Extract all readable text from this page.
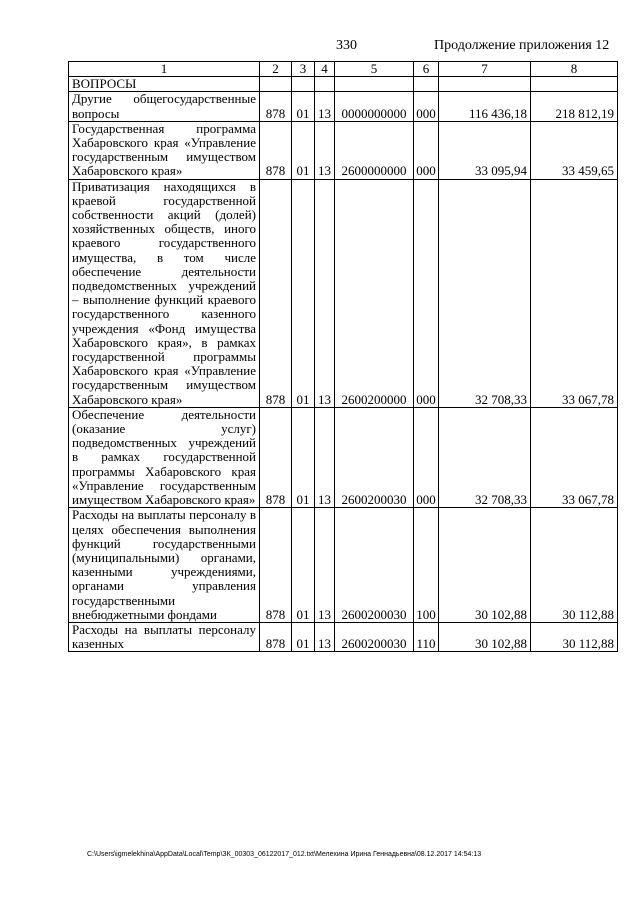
330	Продолжение приложения 12
1	2	3	4	5	6	7	8
ВОПРОСЫ							
Другие общегосударственные вопросы	878	01	13	0000000000	000	116 436,18	218 812,19
Государственная программа Хабаровского края «Управление государственным имуществом Хабаровского края»	878	01	13	2600000000	000	33 095,94	33 459,65
Приватизация находящихся в краевой государственной собственности акций (долей) хозяйственных обществ, иного краевого государственного имущества, в том числе обеспечение деятельности подведомственных учреждений – выполнение функций краевого государственного казенного учреждения «Фонд имущества Хабаровского края», в рамках государственной программы Хабаровского края «Управление государственным имуществом Хабаровского края»	878	01	13	2600200000	000	32 708,33	33 067,78
Обеспечение деятельности (оказание услуг) подведомственных учреждений в рамках государственной программы Хабаровского края «Управление государственным имуществом Хабаровского края»	878	01	13	2600200030	000	32 708,33	33 067,78
Расходы на выплаты персоналу в целях обеспечения выполнения функций государственными (муниципальными) органами, казенными учреждениями, органами управления государственными внебюджетными фондами	878	01	13	2600200030	100	30 102,88	30 112,88
Расходы на выплаты персоналу казенных	878	01	13	2600200030	110	30 102,88	30 112,88
C:\Users\igmelekhina\AppData\Local\Temp\ЗК_00303_06122017_012.txt\Мелехина Ирина Геннадьевна\08.12.2017 14:54:13
